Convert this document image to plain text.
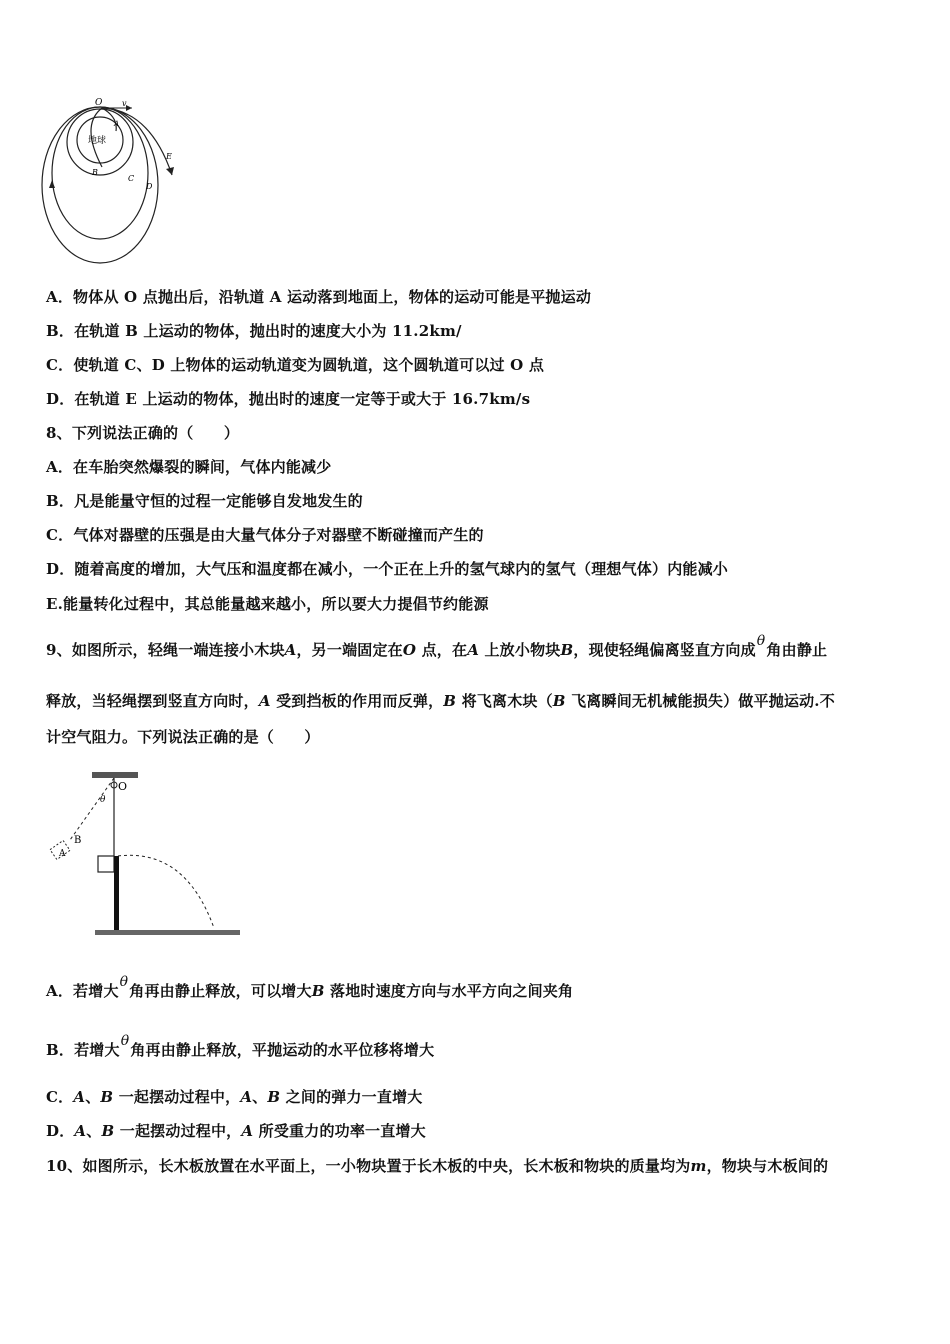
O v
地球
A
B
C
D
E
A．物体从 O 点抛出后，沿轨道 A 运动落到地面上，物体的运动可能是平抛运动
B．在轨道 B 上运动的物体，抛出时的速度大小为 11.2km/
C．使轨道 C、D 上物体的运动轨道变为圆轨道，这个圆轨道可以过 O 点
D．在轨道 E 上运动的物体，抛出时的速度一定等于或大于 16.7km/s
8、下列说法正确的（　　）
A．在车胎突然爆裂的瞬间，气体内能减少
B．凡是能量守恒的过程一定能够自发地发生的
C．气体对器壁的压强是由大量气体分子对器壁不断碰撞而产生的
D．随着高度的增加，大气压和温度都在减小，一个正在上升的氢气球内的氢气（理想气体）内能减小
E.能量转化过程中，其总能量越来越小，所以要大力提倡节约能源
9、如图所示，轻绳一端连接小木块A，另一端固定在O 点，在A 上放小物块B，现使轻绳偏离竖直方向成θ角由静止
释放，当轻绳摆到竖直方向时，A 受到挡板的作用而反弹，B 将飞离木块（B 飞离瞬间无机械能损失）做平抛运动.不
计空气阻力。下列说法正确的是（　　）
O
θ
A
B
A．若增大θ角再由静止释放，可以增大B 落地时速度方向与水平方向之间夹角
B．若增大θ角再由静止释放，平抛运动的水平位移将增大
C．A、B 一起摆动过程中，A、B 之间的弹力一直增大
D．A、B 一起摆动过程中，A 所受重力的功率一直增大
10、如图所示，长木板放置在水平面上，一小物块置于长木板的中央，长木板和物块的质量均为m，物块与木板间的
